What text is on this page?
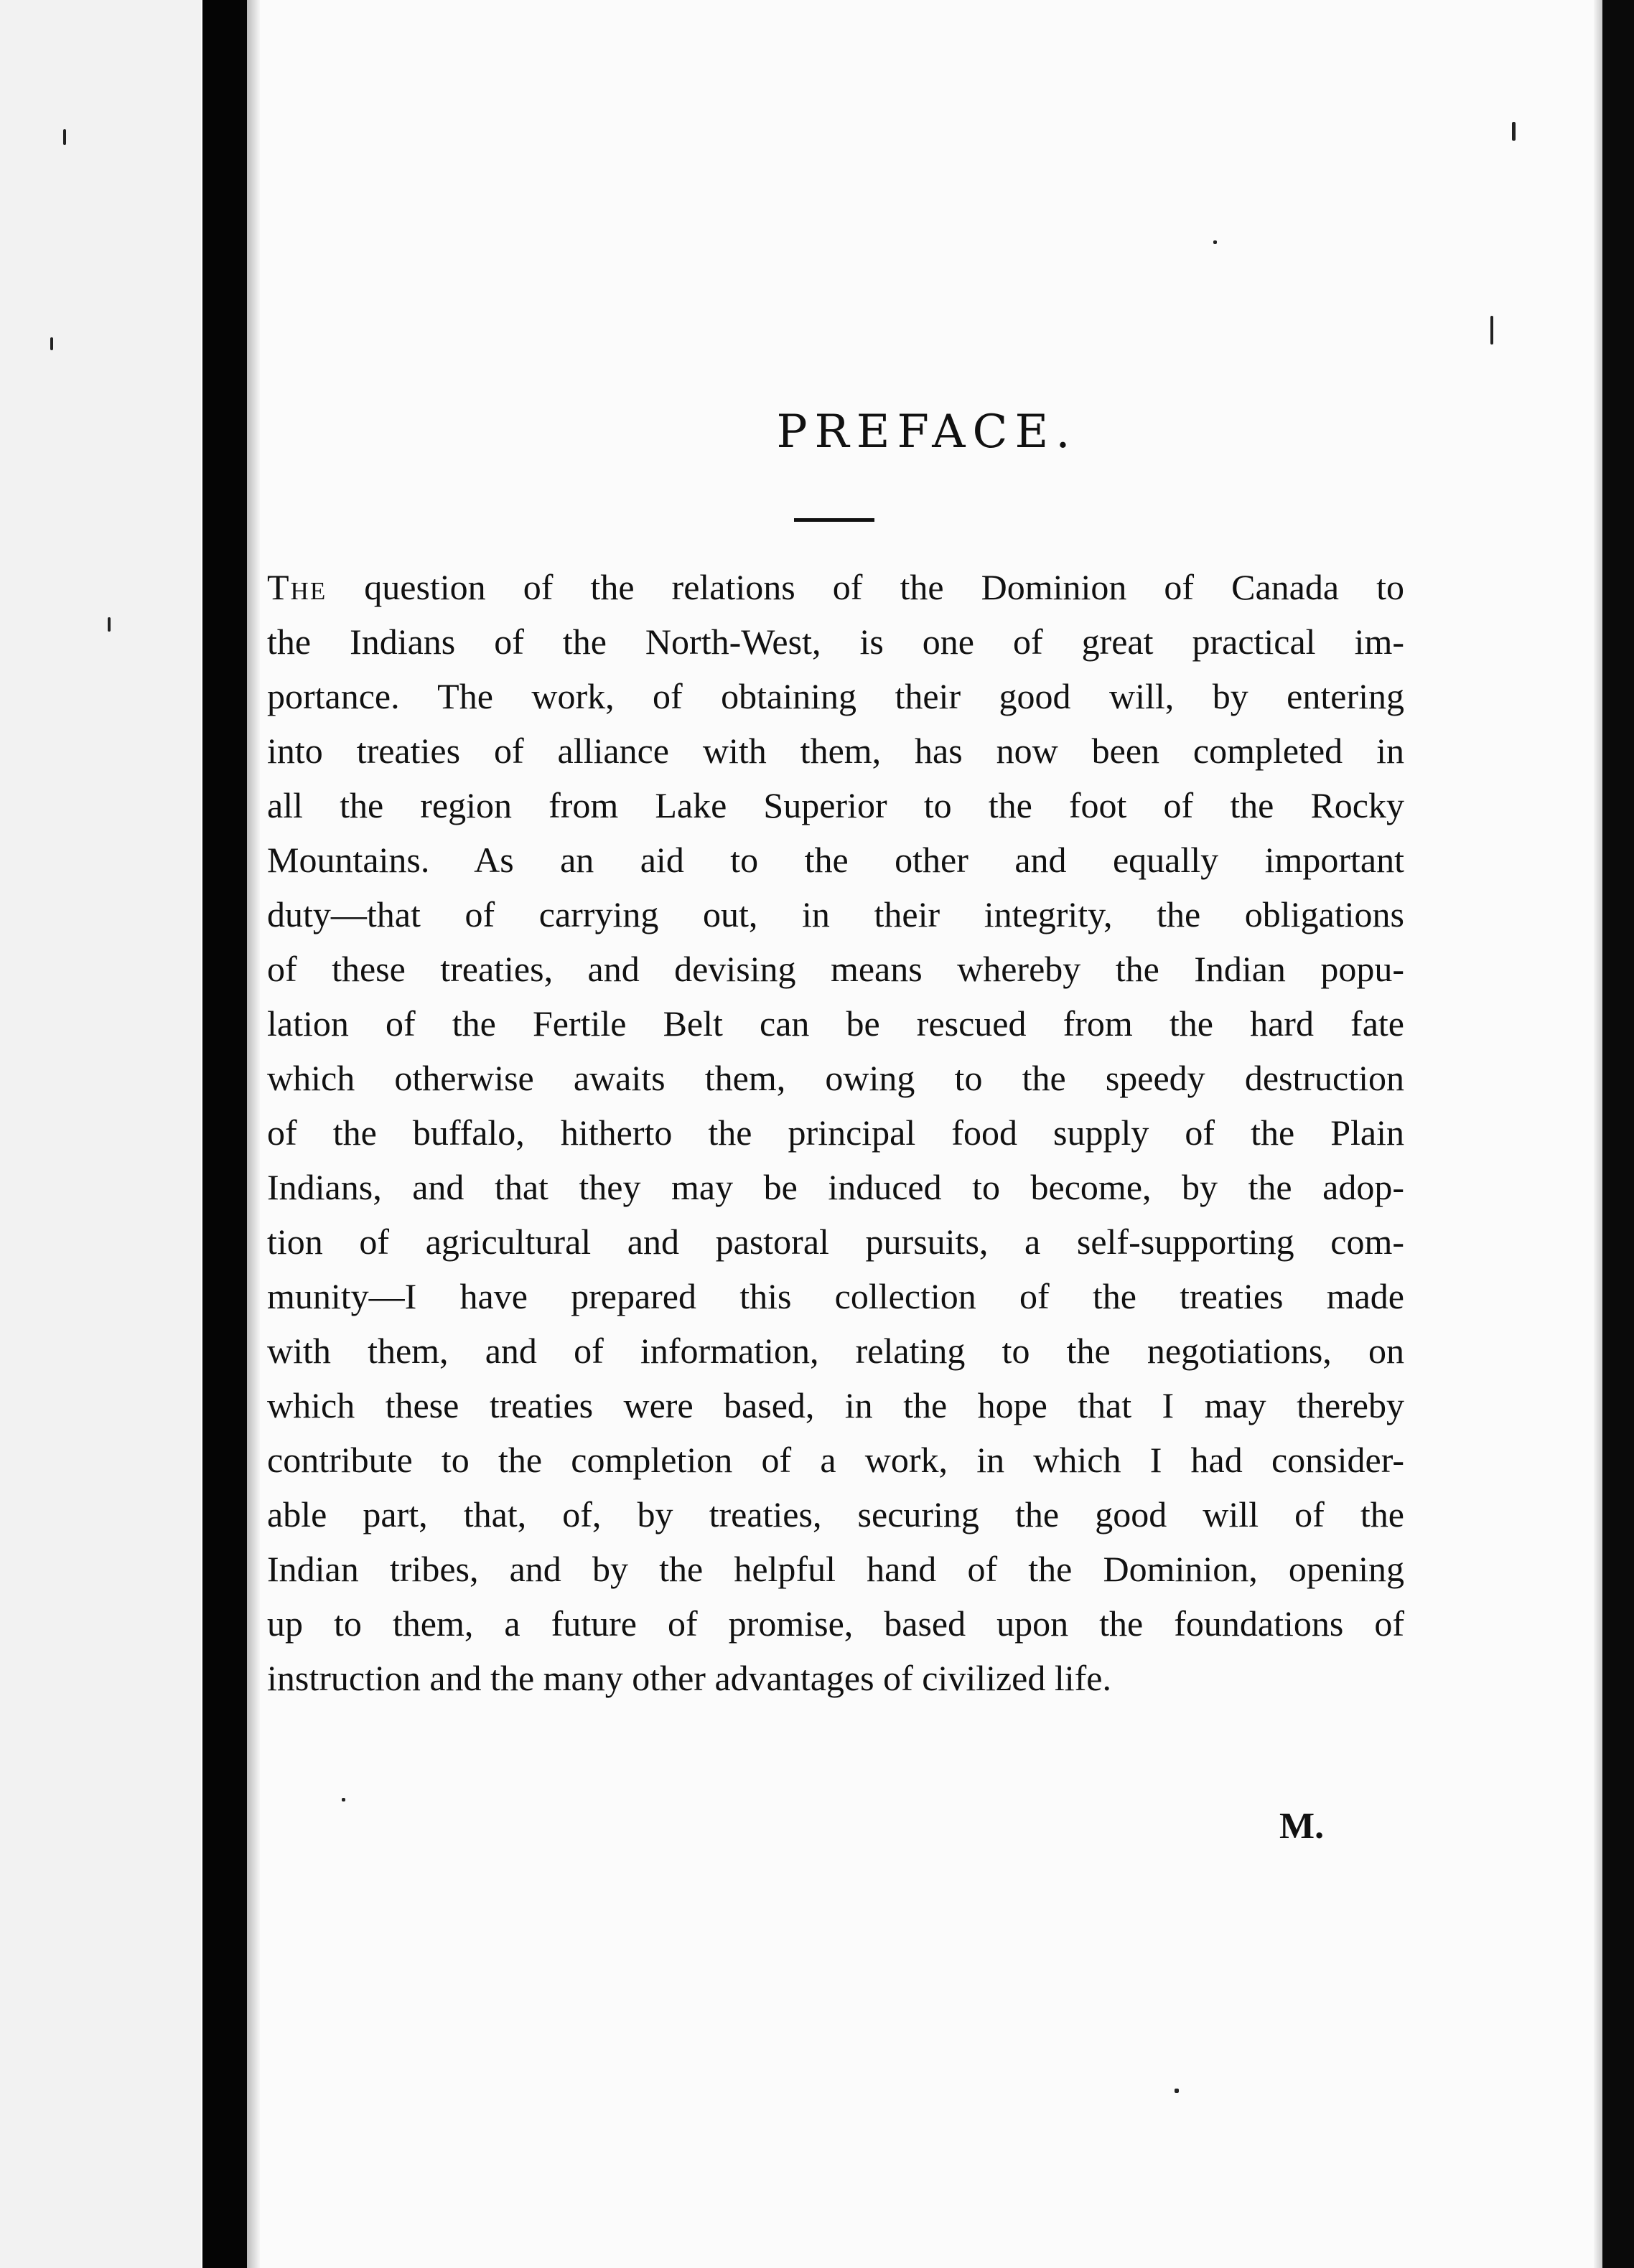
PREFACE.

The question of the relations of the Dominion of Canada to
the Indians of the North-West, is one of great practical im-
portance. The work, of obtaining their good will, by entering
into treaties of alliance with them, has now been completed in
all the region from Lake Superior to the foot of the Rocky
Mountains. As an aid to the other and equally important
duty—that of carrying out, in their integrity, the obligations
of these treaties, and devising means whereby the Indian popu-
lation of the Fertile Belt can be rescued from the hard fate
which otherwise awaits them, owing to the speedy destruction
of the buffalo, hitherto the principal food supply of the Plain
Indians, and that they may be induced to become, by the adop-
tion of agricultural and pastoral pursuits, a self-supporting com-
munity—I have prepared this collection of the treaties made
with them, and of information, relating to the negotiations, on
which these treaties were based, in the hope that I may thereby
contribute to the completion of a work, in which I had consider-
able part, that, of, by treaties, securing the good will of the
Indian tribes, and by the helpful hand of the Dominion, opening
up to them, a future of promise, based upon the foundations of
instruction and the many other advantages of civilized life.

M.
